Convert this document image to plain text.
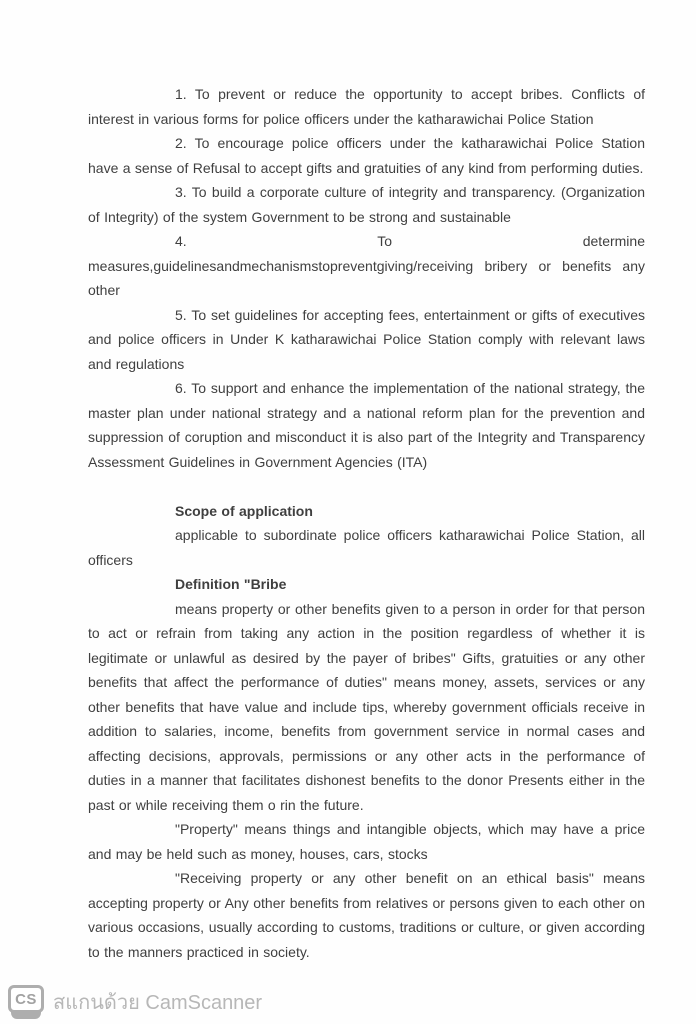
1. To prevent or reduce the opportunity to accept bribes. Conflicts of interest in various forms for police officers under the katharawichai Police Station

2. To encourage police officers under the katharawichai Police Station have a sense of Refusal to accept gifts and gratuities of any kind from performing duties.

3. To build a corporate culture of integrity and transparency. (Organization of Integrity) of the system Government to be strong and sustainable

4. To determine measures,guidelinesandmechanismstopreventgiving/receiving bribery or benefits any other

5. To set guidelines for accepting fees, entertainment or gifts of executives and police officers in Under K katharawichai Police Station comply with relevant laws and regulations

6. To support and enhance the implementation of the national strategy, the master plan under national strategy and a national reform plan for the prevention and suppression of coruption and misconduct it is also part of the Integrity and Transparency Assessment Guidelines in Government Agencies (ITA)

Scope of application

applicable to subordinate police officers katharawichai Police Station, all officers

Definition "Bribe

means property or other benefits given to a person in order for that person to act or refrain from taking any action in the position regardless of whether it is legitimate or unlawful as desired by the payer of bribes" Gifts, gratuities or any other benefits that affect the performance of duties" means money, assets, services or any other benefits that have value and include tips, whereby government officials receive in addition to salaries, income, benefits from government service in normal cases and affecting decisions, approvals, permissions or any other acts in the performance of duties in a manner that facilitates dishonest benefits to the donor Presents either in the past or while receiving them o rin the future.

"Property" means things and intangible objects, which may have a price and may be held such as money, houses, cars, stocks

"Receiving property or any other benefit on an ethical basis" means accepting property or Any other benefits from relatives or persons given to each other on various occasions, usually according to customs, traditions or culture, or given according to the manners practiced in society.

CS สแกนด้วย CamScanner
